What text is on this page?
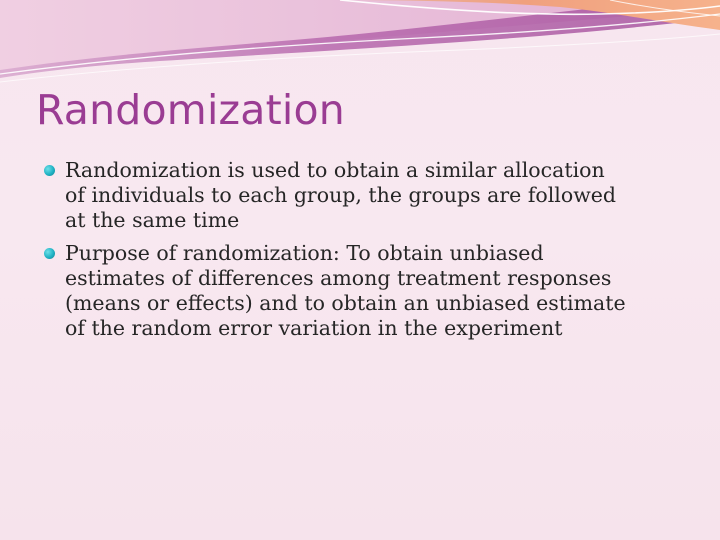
Randomization
Randomization is used to obtain a similar allocation
of individuals to each group, the groups are followed
at the same time
Purpose of randomization: To obtain unbiased
estimates of differences among treatment responses
(means or effects) and to obtain an unbiased estimate
of the random error variation in the experiment
